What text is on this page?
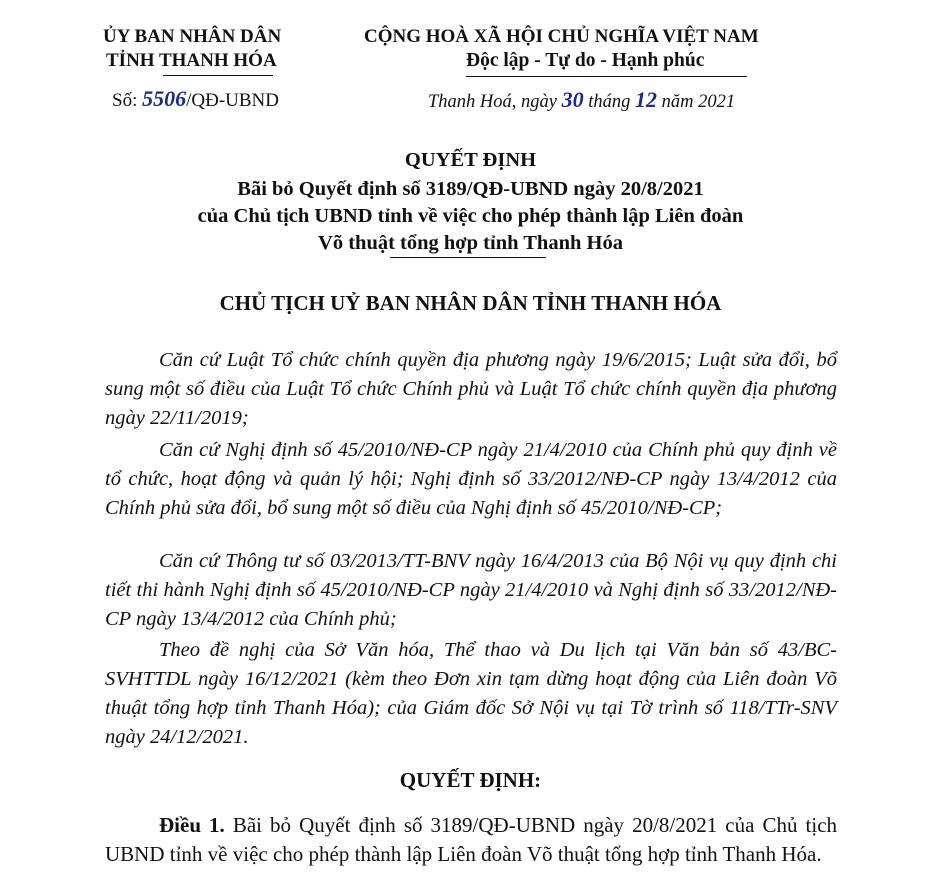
ỦY BAN NHÂN DÂN
TỈNH THANH HÓA
Số: 5506/QĐ-UBND
CỘNG HOÀ XÃ HỘI CHỦ NGHĨA VIỆT NAM
Độc lập - Tự do - Hạnh phúc
Thanh Hoá, ngày 30 tháng 12 năm 2021
QUYẾT ĐỊNH
Bãi bỏ Quyết định số 3189/QĐ-UBND ngày 20/8/2021
của Chủ tịch UBND tỉnh về việc cho phép thành lập Liên đoàn
Võ thuật tổng hợp tỉnh Thanh Hóa
CHỦ TỊCH UỶ BAN NHÂN DÂN TỈNH THANH HÓA

Căn cứ Luật Tổ chức chính quyền địa phương ngày 19/6/2015; Luật sửa đổi, bổ sung một số điều của Luật Tổ chức Chính phủ và Luật Tổ chức chính quyền địa phương ngày 22/11/2019;

Căn cứ Nghị định số 45/2010/NĐ-CP ngày 21/4/2010 của Chính phủ quy định về tổ chức, hoạt động và quản lý hội; Nghị định số 33/2012/NĐ-CP ngày 13/4/2012 của Chính phủ sửa đổi, bổ sung một số điều của Nghị định số 45/2010/NĐ-CP;

Căn cứ Thông tư số 03/2013/TT-BNV ngày 16/4/2013 của Bộ Nội vụ quy định chi tiết thi hành Nghị định số 45/2010/NĐ-CP ngày 21/4/2010 và Nghị định số 33/2012/NĐ-CP ngày 13/4/2012 của Chính phủ;

Theo đề nghị của Sở Văn hóa, Thể thao và Du lịch tại Văn bản số 43/BC-SVHTTDL ngày 16/12/2021 (kèm theo Đơn xin tạm dừng hoạt động của Liên đoàn Võ thuật tổng hợp tỉnh Thanh Hóa); của Giám đốc Sở Nội vụ tại Tờ trình số 118/TTr-SNV ngày 24/12/2021.

QUYẾT ĐỊNH:

Điều 1. Bãi bỏ Quyết định số 3189/QĐ-UBND ngày 20/8/2021 của Chủ tịch UBND tỉnh về việc cho phép thành lập Liên đoàn Võ thuật tổng hợp tỉnh Thanh Hóa.
